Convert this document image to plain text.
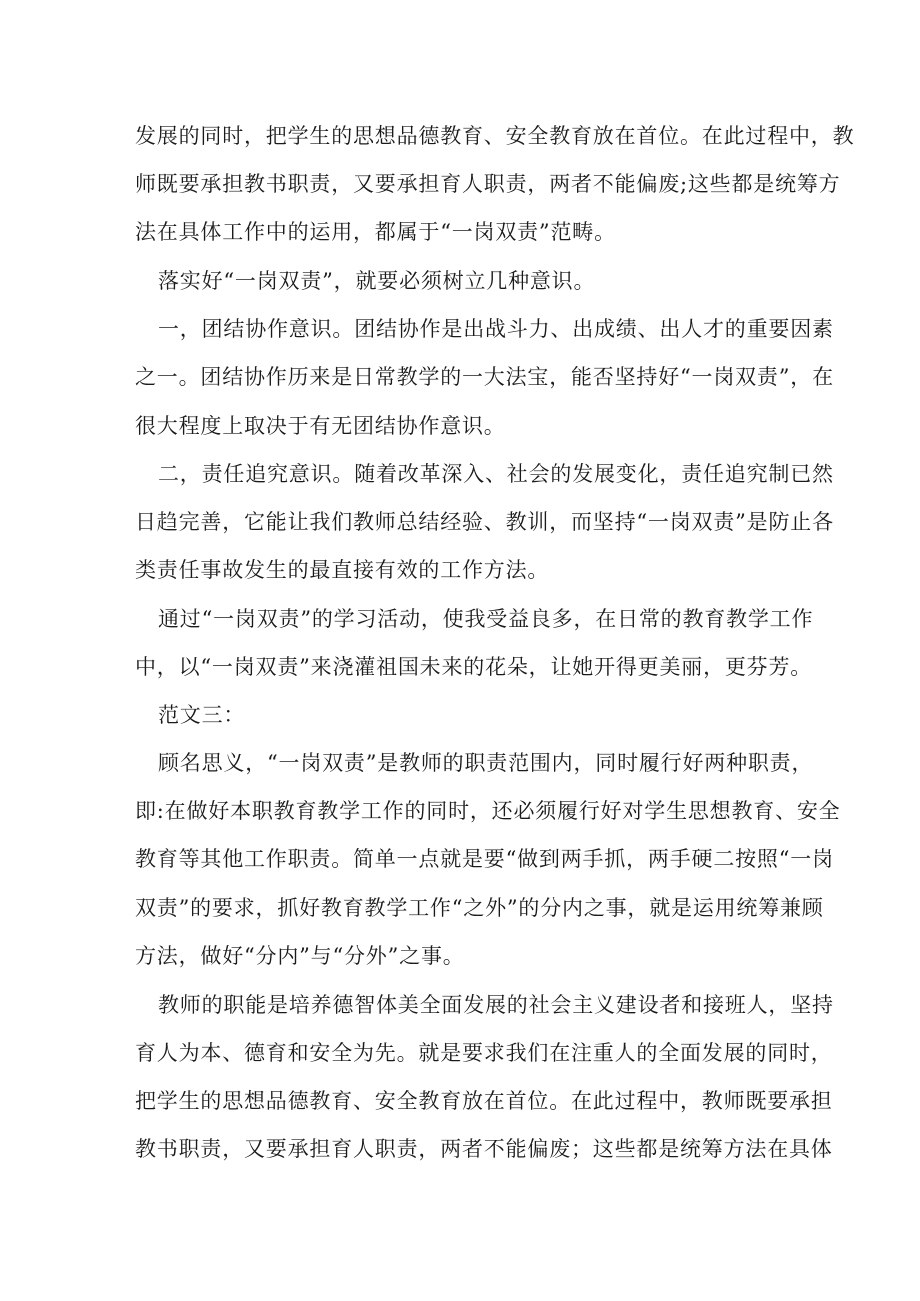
发展的同时，把学生的思想品德教育、安全教育放在首位。在此过程中，教
师既要承担教书职责，又要承担育人职责，两者不能偏废;这些都是统筹方
法在具体工作中的运用，都属于“一岗双责”范畴。
落实好“一岗双责”，就要必须树立几种意识。
一，团结协作意识。团结协作是出战斗力、出成绩、出人才的重要因素
之一。团结协作历来是日常教学的一大法宝，能否坚持好“一岗双责”，在
很大程度上取决于有无团结协作意识。
二，责任追究意识。随着改革深入、社会的发展变化，责任追究制已然
日趋完善，它能让我们教师总结经验、教训，而坚持“一岗双责”是防止各
类责任事故发生的最直接有效的工作方法。
通过“一岗双责”的学习活动，使我受益良多，在日常的教育教学工作
中，以“一岗双责”来浇灌祖国未来的花朵，让她开得更美丽，更芬芳。
范文三：
顾名思义，“一岗双责”是教师的职责范围内，同时履行好两种职责，
即:在做好本职教育教学工作的同时，还必须履行好对学生思想教育、安全
教育等其他工作职责。简单一点就是要“做到两手抓，两手硬二按照“一岗
双责”的要求，抓好教育教学工作“之外”的分内之事，就是运用统筹兼顾
方法，做好“分内”与“分外”之事。
教师的职能是培养德智体美全面发展的社会主义建设者和接班人，坚持
育人为本、德育和安全为先。就是要求我们在注重人的全面发展的同时，
把学生的思想品德教育、安全教育放在首位。在此过程中，教师既要承担
教书职责，又要承担育人职责，两者不能偏废；这些都是统筹方法在具体
